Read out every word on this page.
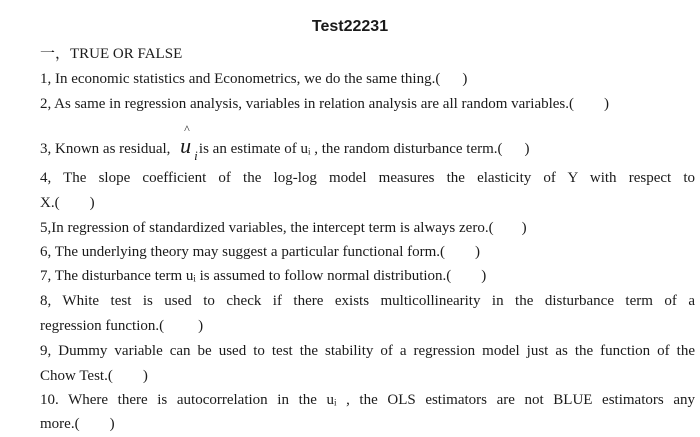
Test22231
一，TRUE OR FALSE
1, In economic statistics and Econometrics, we do the same thing.( )
2, As same in regression analysis, variables in relation analysis are all random variables.( )
3, Known as residual, u
^
i is an estimate of uᵢ , the random disturbance term.( )
4, The slope coefficient of the log-log model measures the elasticity of Y with respect to
X.( )
5,In regression of standardized variables, the intercept term is always zero.( )
6, The underlying theory may suggest a particular functional form.( )
7, The disturbance term uᵢ is assumed to follow normal distribution.( )
8, White test is used to check if there exists multicollinearity in the disturbance term of a
regression function.( )
9, Dummy variable can be used to test the stability of a regression model just as the function of the
Chow Test.( )
10. Where there is autocorrelation in the uᵢ , the OLS estimators are not BLUE estimators any
more.( )
